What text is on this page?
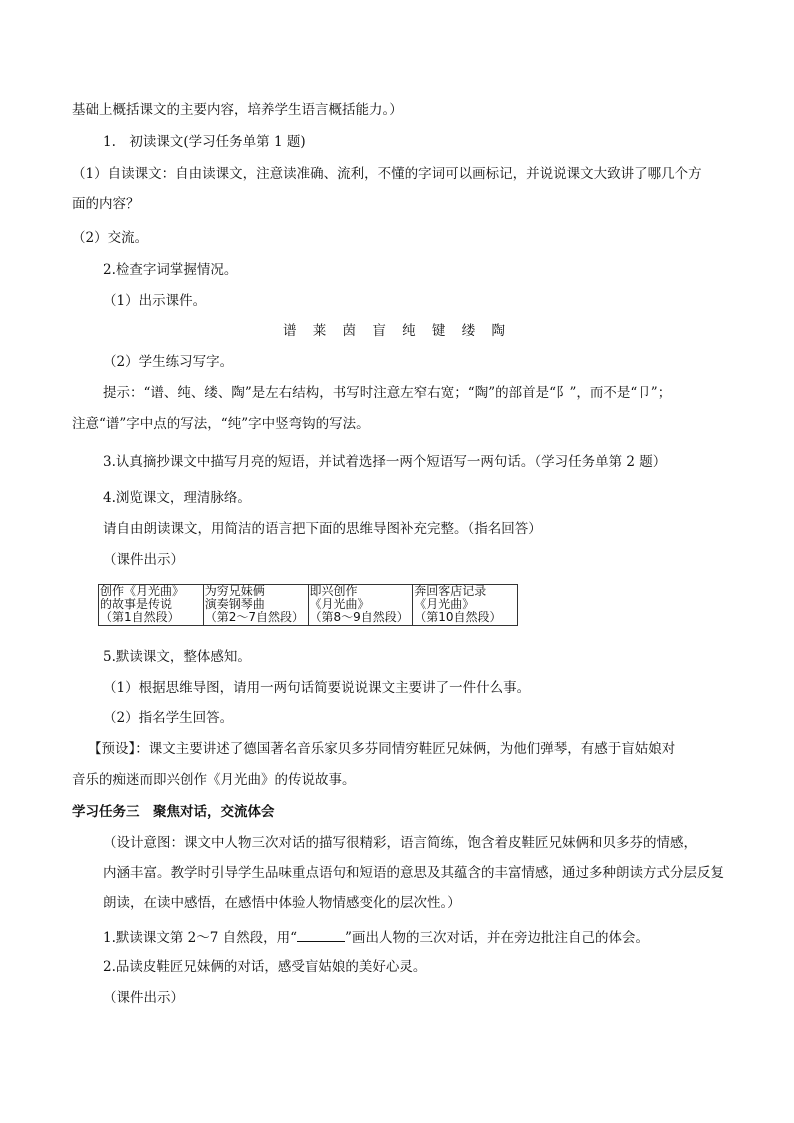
基础上概括课文的主要内容，培养学生语言概括能力。）
1.　初读课文(学习任务单第 1 题)
（1）自读课文：自由读课文，注意读准确、流利，不懂的字词可以画标记，并说说课文大致讲了哪几个方
面的内容？
（2）交流。
2.检查字词掌握情况。
（1）出示课件。
谱 莱 茵 盲 纯 键 缕 陶
（2）学生练习写字。
提示：“谱、纯、缕、陶”是左右结构，书写时注意左窄右宽；“陶”的部首是“阝”，而不是“卩”；
注意“谱”字中点的写法，“纯”字中竖弯钩的写法。
3.认真摘抄课文中描写月亮的短语，并试着选择一两个短语写一两句话。（学习任务单第 2 题）
4.浏览课文，理清脉络。
请自由朗读课文，用简洁的语言把下面的思维导图补充完整。（指名回答）
（课件出示）
创作《月光曲》
的故事是传说
（第1自然段）

为穷兄妹俩
演奏钢琴曲
（第2～7自然段）

即兴创作
《月光曲》
（第8～9自然段）

奔回客店记录
《月光曲》
（第10自然段）
5.默读课文，整体感知。
（1）根据思维导图，请用一两句话简要说说课文主要讲了一件什么事。
（2）指名学生回答。
【预设】：课文主要讲述了德国著名音乐家贝多芬同情穷鞋匠兄妹俩，为他们弹琴，有感于盲姑娘对
音乐的痴迷而即兴创作《月光曲》的传说故事。
学习任务三　聚焦对话，交流体会
（设计意图：课文中人物三次对话的描写很精彩，语言简练，饱含着皮鞋匠兄妹俩和贝多芬的情感，
内涵丰富。教学时引导学生品味重点语句和短语的意思及其蕴含的丰富情感，通过多种朗读方式分层反复
朗读，在读中感悟，在感悟中体验人物情感变化的层次性。）
1.默读课文第 2～7 自然段，用“	”画出人物的三次对话，并在旁边批注自己的体会。
2.品读皮鞋匠兄妹俩的对话，感受盲姑娘的美好心灵。
（课件出示）
